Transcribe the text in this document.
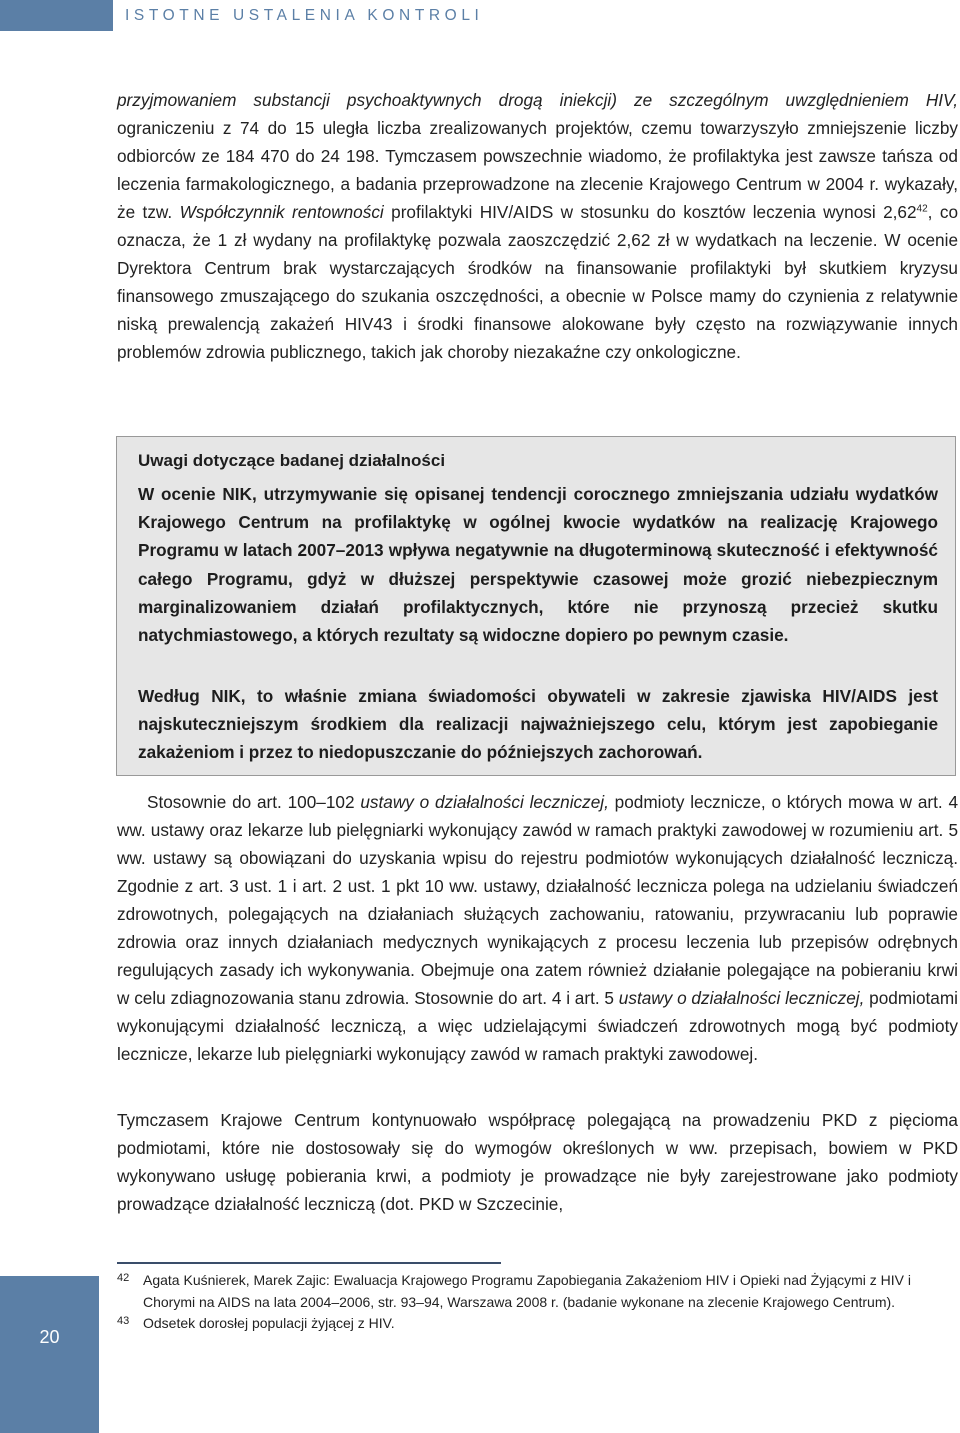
ISTOTNE USTALENIA KONTROLI

przyjmowaniem substancji psychoaktywnych drogą iniekcji) ze szczególnym uwzględnieniem HIV, ograniczeniu z 74 do 15 uległa liczba zrealizowanych projektów, czemu towarzyszyło zmniejszenie liczby odbiorców ze 184 470 do 24 198. Tymczasem powszechnie wiadomo, że profilaktyka jest zawsze tańsza od leczenia farmakologicznego, a badania przeprowadzone na zlecenie Krajowego Centrum w 2004 r. wykazały, że tzw. Współczynnik rentowności profilaktyki HIV/AIDS w stosunku do kosztów leczenia wynosi 2,62$^{42}$, co oznacza, że 1 zł wydany na profilaktykę pozwala zaoszczędzić 2,62 zł w wydatkach na leczenie. W ocenie Dyrektora Centrum brak wystarczających środków na finansowanie profilaktyki był skutkiem kryzysu finansowego zmuszającego do szukania oszczędności, a obecnie w Polsce mamy do czynienia z relatywnie niską prewalencją zakażeń HIV43 i środki finansowe alokowane były często na rozwiązywanie innych problemów zdrowia publicznego, takich jak choroby niezakaźne czy onkologiczne.

Uwagi dotyczące badanej działalności

W ocenie NIK, utrzymywanie się opisanej tendencji corocznego zmniejszania udziału wydatków Krajowego Centrum na profilaktykę w ogólnej kwocie wydatków na realizację Krajowego Programu w latach 2007–2013 wpływa negatywnie na długoterminową skuteczność i efektywność całego Programu, gdyż w dłuższej perspektywie czasowej może grozić niebezpiecznym marginalizowaniem działań profilaktycznych, które nie przynoszą przecież skutku natychmiastowego, a których rezultaty są widoczne dopiero po pewnym czasie.

Według NIK, to właśnie zmiana świadomości obywateli w zakresie zjawiska HIV/AIDS jest najskuteczniejszym środkiem dla realizacji najważniejszego celu, którym jest zapobieganie zakażeniom i przez to niedopuszczanie do późniejszych zachorowań.

Stosownie do art. 100–102 ustawy o działalności leczniczej, podmioty lecznicze, o których mowa w art. 4 ww. ustawy oraz lekarze lub pielęgniarki wykonujący zawód w ramach praktyki zawodowej w rozumieniu art. 5 ww. ustawy są obowiązani do uzyskania wpisu do rejestru podmiotów wykonujących działalność leczniczą. Zgodnie z art. 3 ust. 1 i art. 2 ust. 1 pkt 10 ww. ustawy, działalność lecznicza polega na udzielaniu świadczeń zdrowotnych, polegających na działaniach służących zachowaniu, ratowaniu, przywracaniu lub poprawie zdrowia oraz innych działaniach medycznych wynikających z procesu leczenia lub przepisów odrębnych regulujących zasady ich wykonywania. Obejmuje ona zatem również działanie polegające na pobieraniu krwi w celu zdiagnozowania stanu zdrowia. Stosownie do art. 4 i art. 5 ustawy o działalności leczniczej, podmiotami wykonującymi działalność leczniczą, a więc udzielającymi świadczeń zdrowotnych mogą być podmioty lecznicze, lekarze lub pielęgniarki wykonujący zawód w ramach praktyki zawodowej.

Tymczasem Krajowe Centrum kontynuowało współpracę polegającą na prowadzeniu PKD z pięcioma podmiotami, które nie dostosowały się do wymogów określonych w ww. przepisach, bowiem w PKD wykonywano usługę pobierania krwi, a podmioty je prowadzące nie były zarejestrowane jako podmioty prowadzące działalność leczniczą (dot. PKD w Szczecinie,

20
42 Agata Kuśnierek, Marek Zajic: Ewaluacja Krajowego Programu Zapobiegania Zakażeniom HIV i Opieki nad Żyjącymi z HIV i Chorymi na AIDS na lata 2004–2006, str. 93–94, Warszawa 2008 r. (badanie wykonane na zlecenie Krajowego Centrum).

43 Odsetek dorosłej populacji żyjącej z HIV.
